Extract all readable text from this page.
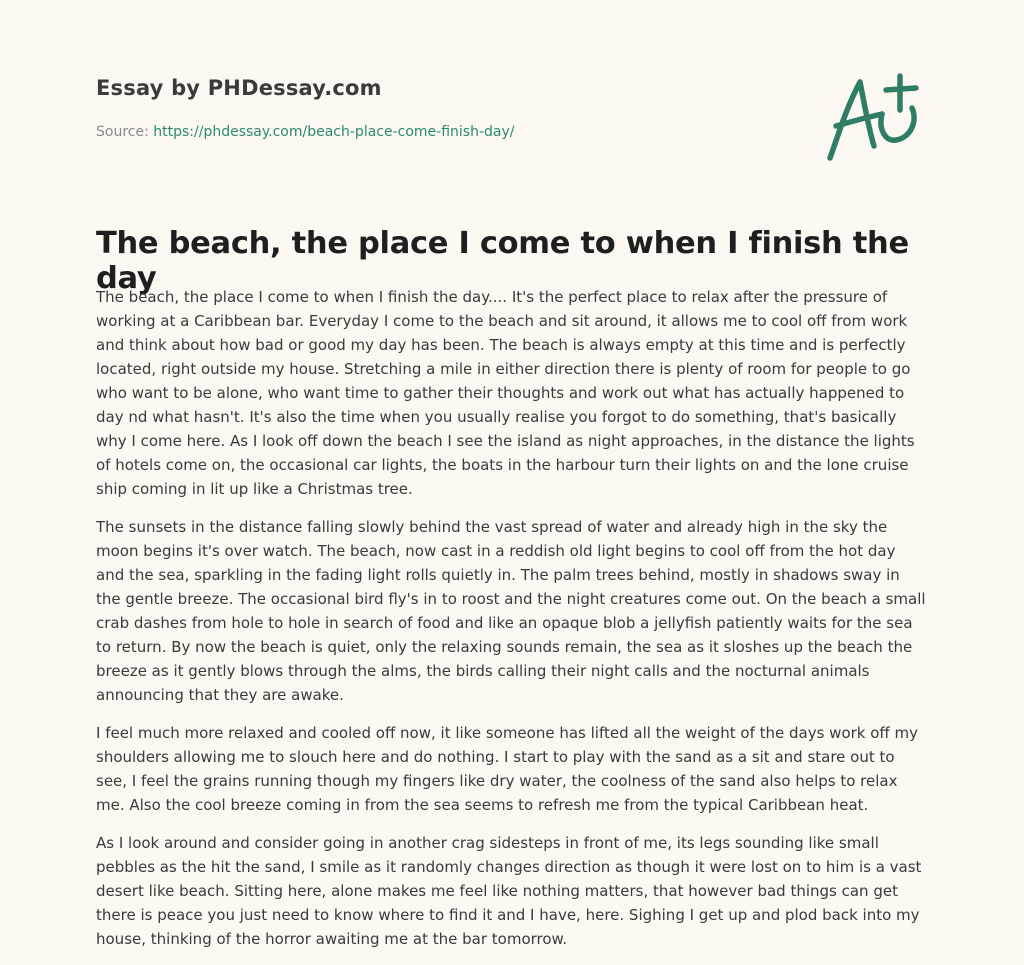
Essay by PHDessay.com
Source: https://phdessay.com/beach-place-come-finish-day/
The beach, the place I come to when I finish the day

The beach, the place I come to when I finish the day.... It's the perfect place to relax after the pressure of working at a Caribbean bar. Everyday I come to the beach and sit around, it allows me to cool off from work and think about how bad or good my day has been. The beach is always empty at this time and is perfectly located, right outside my house. Stretching a mile in either direction there is plenty of room for people to go who want to be alone, who want time to gather their thoughts and work out what has actually happened to day nd what hasn't. It's also the time when you usually realise you forgot to do something, that's basically why I come here. As I look off down the beach I see the island as night approaches, in the distance the lights of hotels come on, the occasional car lights, the boats in the harbour turn their lights on and the lone cruise ship coming in lit up like a Christmas tree.

The sunsets in the distance falling slowly behind the vast spread of water and already high in the sky the moon begins it's over watch. The beach, now cast in a reddish old light begins to cool off from the hot day and the sea, sparkling in the fading light rolls quietly in. The palm trees behind, mostly in shadows sway in the gentle breeze. The occasional bird fly's in to roost and the night creatures come out. On the beach a small crab dashes from hole to hole in search of food and like an opaque blob a jellyfish patiently waits for the sea to return. By now the beach is quiet, only the relaxing sounds remain, the sea as it sloshes up the beach the breeze as it gently blows through the alms, the birds calling their night calls and the nocturnal animals announcing that they are awake.

I feel much more relaxed and cooled off now, it like someone has lifted all the weight of the days work off my shoulders allowing me to slouch here and do nothing. I start to play with the sand as a sit and stare out to see, I feel the grains running though my fingers like dry water, the coolness of the sand also helps to relax me. Also the cool breeze coming in from the sea seems to refresh me from the typical Caribbean heat.

As I look around and consider going in another crag sidesteps in front of me, its legs sounding like small pebbles as the hit the sand, I smile as it randomly changes direction as though it were lost on to him is a vast desert like beach. Sitting here, alone makes me feel like nothing matters, that however bad things can get there is peace you just need to know where to find it and I have, here. Sighing I get up and plod back into my house, thinking of the horror awaiting me at the bar tomorrow.
